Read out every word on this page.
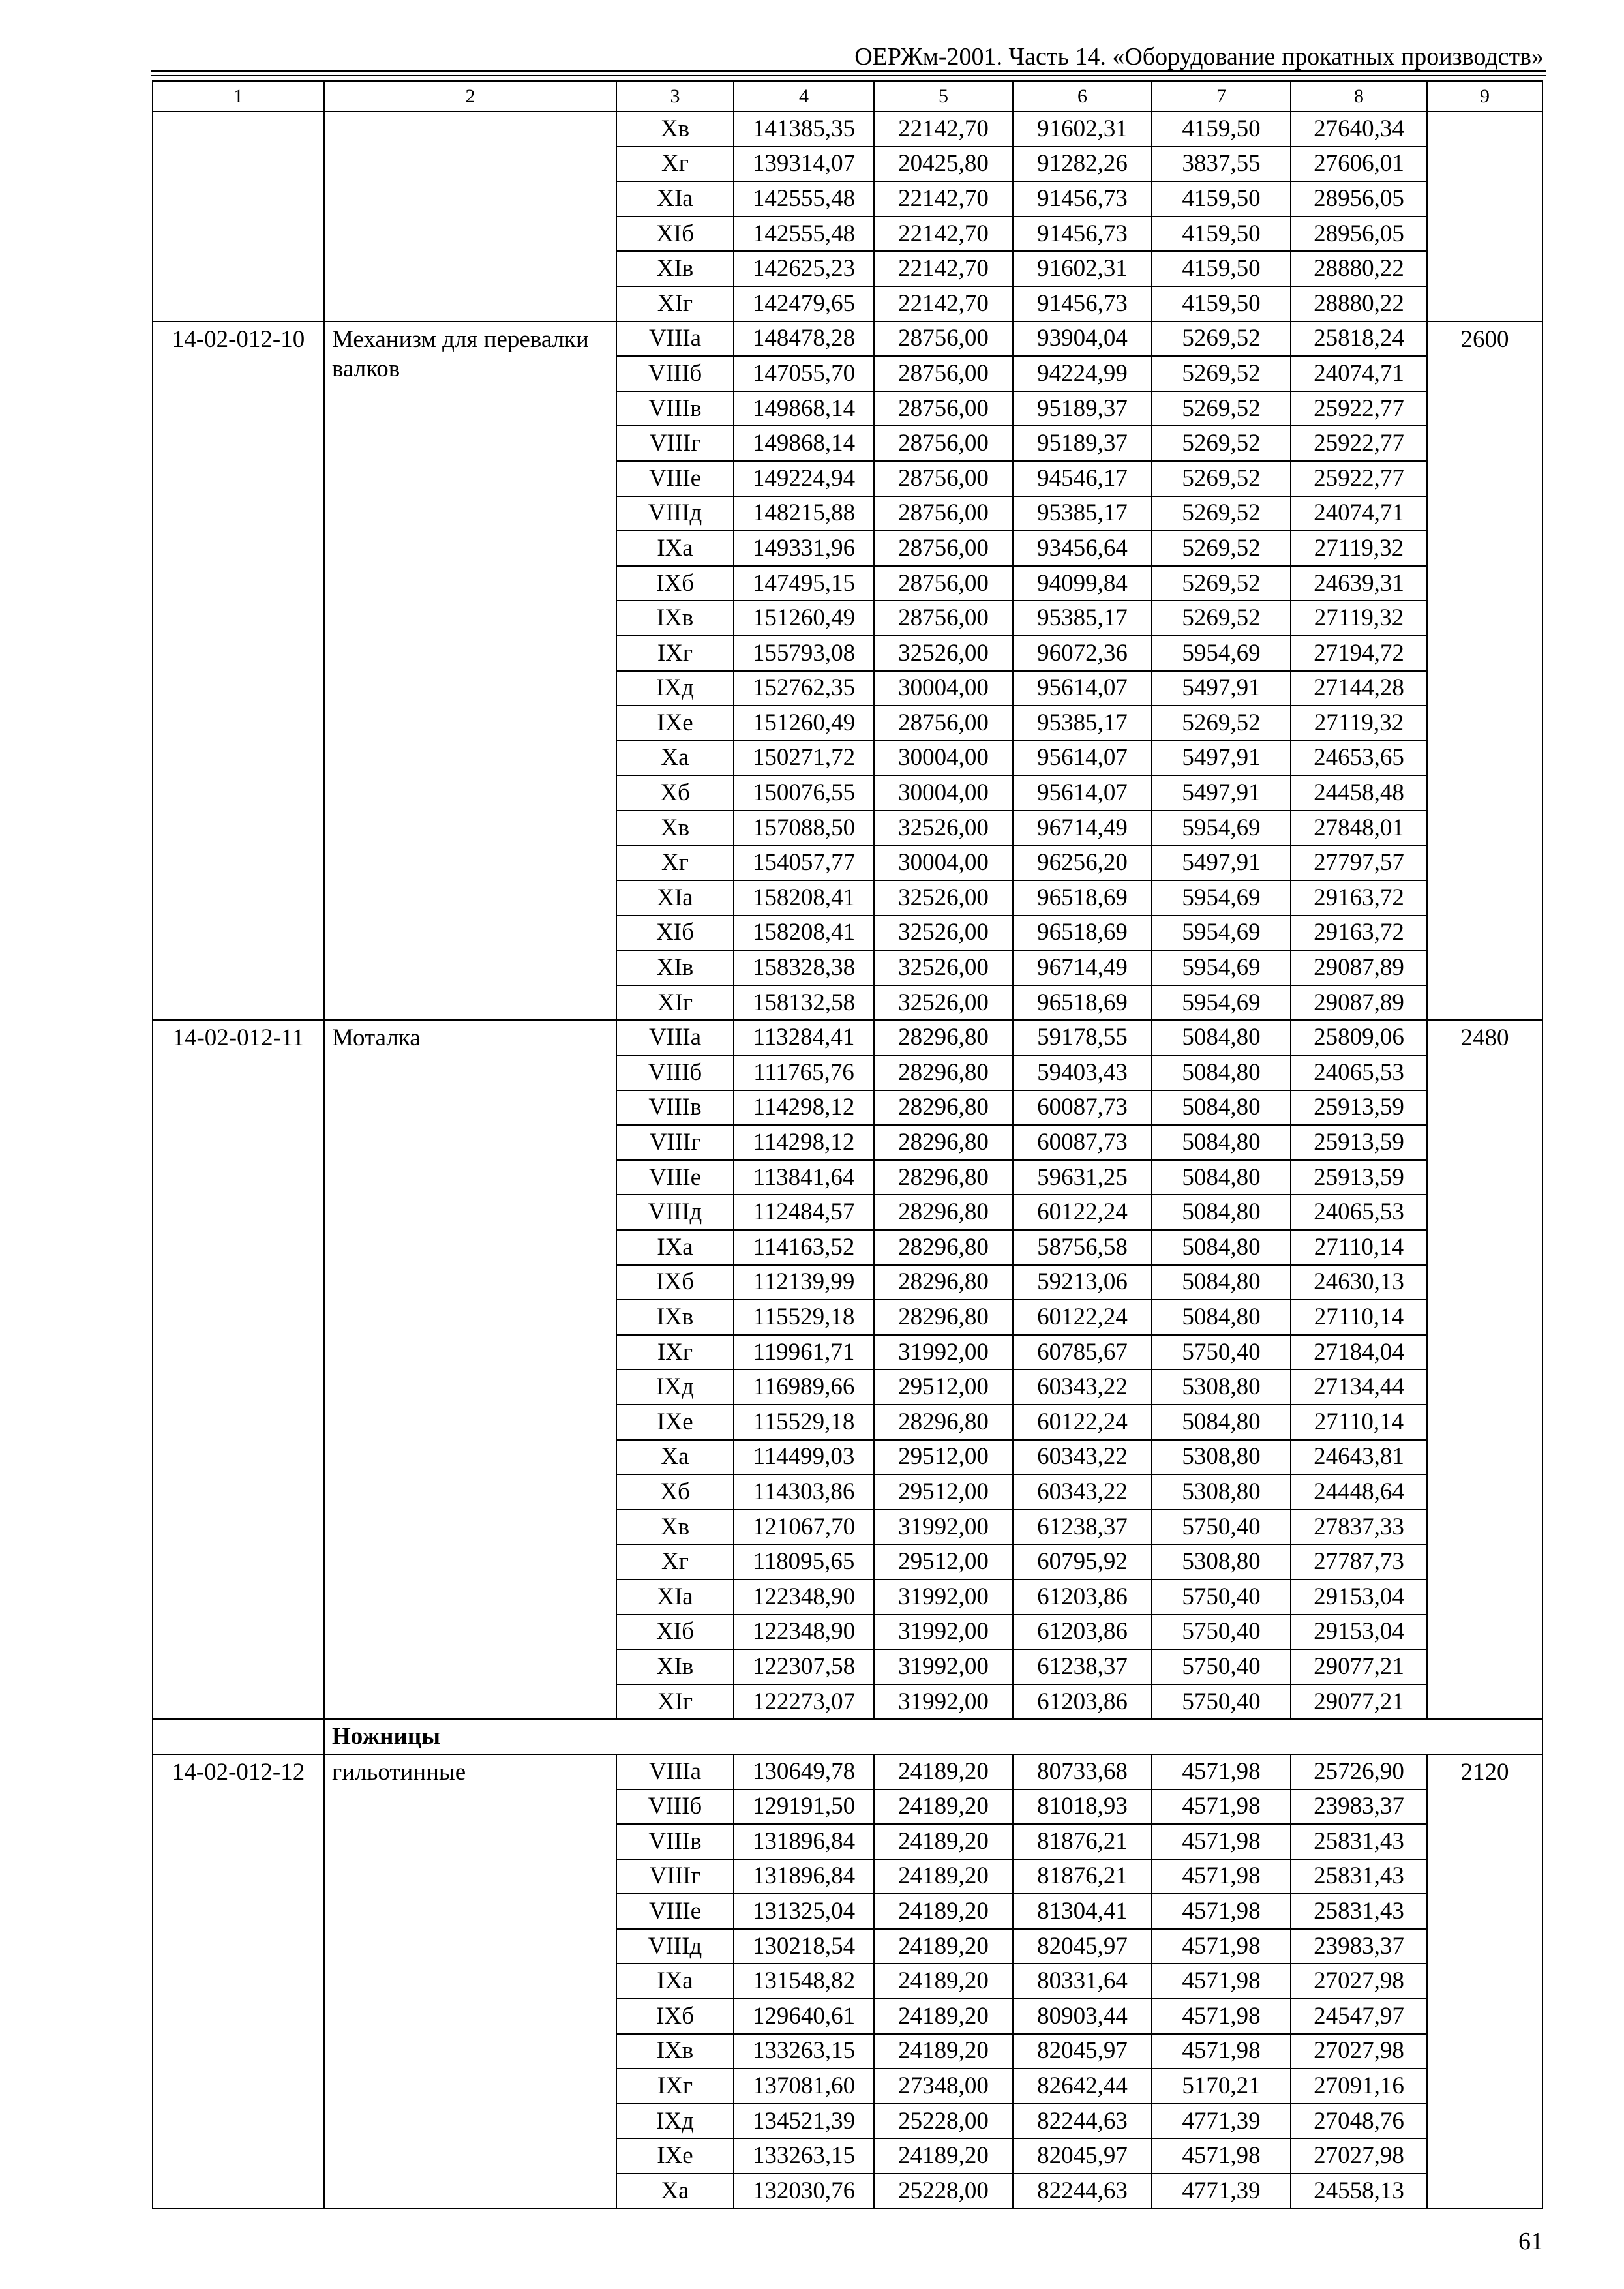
ОЕРЖм-2001. Часть 14. «Оборудование прокатных производств»
1	2	3	4	5	6	7	8	9
		Xв	141385,35	22142,70	91602,31	4159,50	27640,34	
		Xг	139314,07	20425,80	91282,26	3837,55	27606,01	
		XIа	142555,48	22142,70	91456,73	4159,50	28956,05	
		XIб	142555,48	22142,70	91456,73	4159,50	28956,05	
		XIв	142625,23	22142,70	91602,31	4159,50	28880,22	
		XIг	142479,65	22142,70	91456,73	4159,50	28880,22	
14-02-012-10	Механизм для перевалки валков	VIIIа	148478,28	28756,00	93904,04	5269,52	25818,24	2600
		VIIIб	147055,70	28756,00	94224,99	5269,52	24074,71	
		VIIIв	149868,14	28756,00	95189,37	5269,52	25922,77	
		VIIIг	149868,14	28756,00	95189,37	5269,52	25922,77	
		VIIIе	149224,94	28756,00	94546,17	5269,52	25922,77	
		VIIIд	148215,88	28756,00	95385,17	5269,52	24074,71	
		IXа	149331,96	28756,00	93456,64	5269,52	27119,32	
		IXб	147495,15	28756,00	94099,84	5269,52	24639,31	
		IXв	151260,49	28756,00	95385,17	5269,52	27119,32	
		IXг	155793,08	32526,00	96072,36	5954,69	27194,72	
		IXд	152762,35	30004,00	95614,07	5497,91	27144,28	
		IXе	151260,49	28756,00	95385,17	5269,52	27119,32	
		Xа	150271,72	30004,00	95614,07	5497,91	24653,65	
		Xб	150076,55	30004,00	95614,07	5497,91	24458,48	
		Xв	157088,50	32526,00	96714,49	5954,69	27848,01	
		Xг	154057,77	30004,00	96256,20	5497,91	27797,57	
		XIа	158208,41	32526,00	96518,69	5954,69	29163,72	
		XIб	158208,41	32526,00	96518,69	5954,69	29163,72	
		XIв	158328,38	32526,00	96714,49	5954,69	29087,89	
		XIг	158132,58	32526,00	96518,69	5954,69	29087,89	
14-02-012-11	Моталка	VIIIа	113284,41	28296,80	59178,55	5084,80	25809,06	2480
		VIIIб	111765,76	28296,80	59403,43	5084,80	24065,53	
		VIIIв	114298,12	28296,80	60087,73	5084,80	25913,59	
		VIIIг	114298,12	28296,80	60087,73	5084,80	25913,59	
		VIIIе	113841,64	28296,80	59631,25	5084,80	25913,59	
		VIIIд	112484,57	28296,80	60122,24	5084,80	24065,53	
		IXа	114163,52	28296,80	58756,58	5084,80	27110,14	
		IXб	112139,99	28296,80	59213,06	5084,80	24630,13	
		IXв	115529,18	28296,80	60122,24	5084,80	27110,14	
		IXг	119961,71	31992,00	60785,67	5750,40	27184,04	
		IXд	116989,66	29512,00	60343,22	5308,80	27134,44	
		IXе	115529,18	28296,80	60122,24	5084,80	27110,14	
		Xа	114499,03	29512,00	60343,22	5308,80	24643,81	
		Xб	114303,86	29512,00	60343,22	5308,80	24448,64	
		Xв	121067,70	31992,00	61238,37	5750,40	27837,33	
		Xг	118095,65	29512,00	60795,92	5308,80	27787,73	
		XIа	122348,90	31992,00	61203,86	5750,40	29153,04	
		XIб	122348,90	31992,00	61203,86	5750,40	29153,04	
		XIв	122307,58	31992,00	61238,37	5750,40	29077,21	
		XIг	122273,07	31992,00	61203,86	5750,40	29077,21	
	Ножницы							
14-02-012-12	гильотинные	VIIIа	130649,78	24189,20	80733,68	4571,98	25726,90	2120
		VIIIб	129191,50	24189,20	81018,93	4571,98	23983,37	
		VIIIв	131896,84	24189,20	81876,21	4571,98	25831,43	
		VIIIг	131896,84	24189,20	81876,21	4571,98	25831,43	
		VIIIе	131325,04	24189,20	81304,41	4571,98	25831,43	
		VIIIд	130218,54	24189,20	82045,97	4571,98	23983,37	
		IXа	131548,82	24189,20	80331,64	4571,98	27027,98	
		IXб	129640,61	24189,20	80903,44	4571,98	24547,97	
		IXв	133263,15	24189,20	82045,97	4571,98	27027,98	
		IXг	137081,60	27348,00	82642,44	5170,21	27091,16	
		IXд	134521,39	25228,00	82244,63	4771,39	27048,76	
		IXе	133263,15	24189,20	82045,97	4571,98	27027,98	
		Xа	132030,76	25228,00	82244,63	4771,39	24558,13	
61
